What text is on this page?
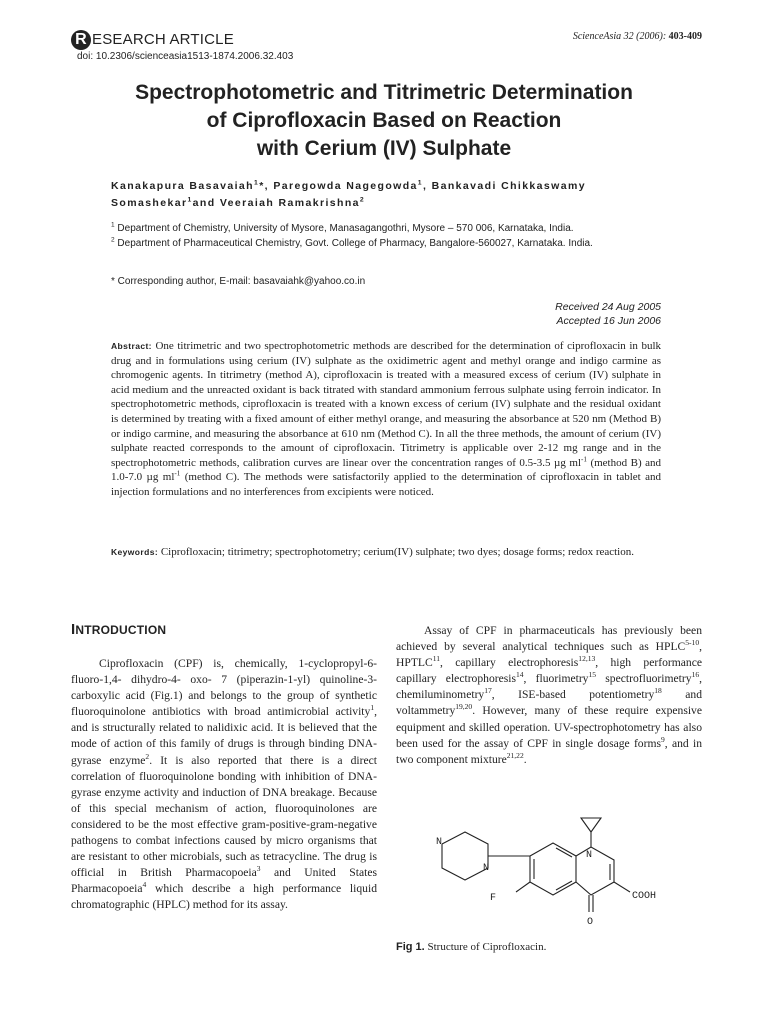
R ESEARCH ARTICLE
doi: 10.2306/scienceasia1513-1874.2006.32.403
ScienceAsia 32 (2006): 403-409
Spectrophotometric and Titrimetric Determination
of Ciprofloxacin Based on Reaction
with Cerium (IV) Sulphate
Kanakapura Basavaiah$^1$*, Paregowda Nagegowda$^1$, Bankavadi Chikkaswamy
Somashekar$^1$and Veeraiah Ramakrishna$^2$
$^1$ Department of Chemistry, University of Mysore, Manasagangothri, Mysore – 570 006, Karnataka, India.
$^2$ Department of Pharmaceutical Chemistry, Govt. College of Pharmacy, Bangalore-560027, Karnataka. India.
* Corresponding author, E-mail: basavaiahk@yahoo.co.in
Received 24 Aug 2005
Accepted 16 Jun 2006
Abstract: One titrimetric and two spectrophotometric methods are described for the determination of ciprofloxacin in bulk drug and in formulations using cerium (IV) sulphate as the oxidimetric agent and methyl orange and indigo carmine as chromogenic agents. In titrimetry (method A), ciprofloxacin is treated with a measured excess of cerium (IV) sulphate in acid medium and the unreacted oxidant is back titrated with standard ammonium ferrous sulphate using ferroin indicator. In spectrophotometric methods, ciprofloxacin is treated with a known excess of cerium (IV) sulphate and the residual oxidant is determined by treating with a fixed amount of either methyl orange, and measuring the absorbance at 520 nm (Method B) or indigo carmine, and measuring the absorbance at 610 nm (Method C). In all the three methods, the amount of cerium (IV) sulphate reacted corresponds to the amount of ciprofloxacin. Titrimetry is applicable over 2-12 mg range and in the spectrophotometric methods, calibration curves are linear over the concentration ranges of 0.5-3.5 µg $ml^{-1}$ (method B) and 1.0-7.0 µg $ml^{-1}$ (method C). The methods were satisfactorily applied to the determination of ciprofloxacin in tablet and injection formulations and no interferences from excipients were noticed.
Keywords: Ciprofloxacin; titrimetry; spectrophotometry; cerium(IV) sulphate; two dyes; dosage forms; redox reaction.
INTRODUCTION

Ciprofloxacin (CPF) is, chemically, 1-cyclopropyl-6-fluoro-1,4- dihydro-4- oxo- 7 (piperazin-1-yl) quinoline-3-carboxylic acid (Fig.1) and belongs to the group of synthetic fluoroquinolone antibiotics with broad antimicrobial activity$^1$, and is structurally related to nalidixic acid. It is believed that the mode of action of this family of drugs is through binding DNA-gyrase enzyme$^2$. It is also reported that there is a direct correlation of fluoroquinolone bonding with inhibition of DNA-gyrase enzyme activity and induction of DNA breakage. Because of this special mechanism of action, fluoroquinolones are considered to be the most effective gram-positive-gram-negative pathogens to combat infections caused by micro organisms that are resistant to other microbials, such as tetracycline. The drug is official in British Pharmacopoeia$^3$ and United States Pharmacopoeia$^4$ which describe a high performance liquid chromatographic (HPLC) method for its assay.

Assay of CPF in pharmaceuticals has previously been achieved by several analytical techniques such as HPLC$^{5-10}$, HPTLC$^{11}$, capillary electrophoresis$^{12,13}$, high performance capillary electrophoresis$^{14}$, fluorimetry$^{15}$ spectrofluorimetry$^{16}$, chemiluminometry$^{17}$, ISE-based potentiometry$^{18}$ and voltammetry$^{19,20}$. However, many of these require expensive equipment and skilled operation. UV-spectrophotometry has also been used for the assay of CPF in single dosage forms$^9$, and in two component mixture$^{21,22}$.

N
N
N
F	COOH
O
Fig 1. Structure of Ciprofloxacin.
